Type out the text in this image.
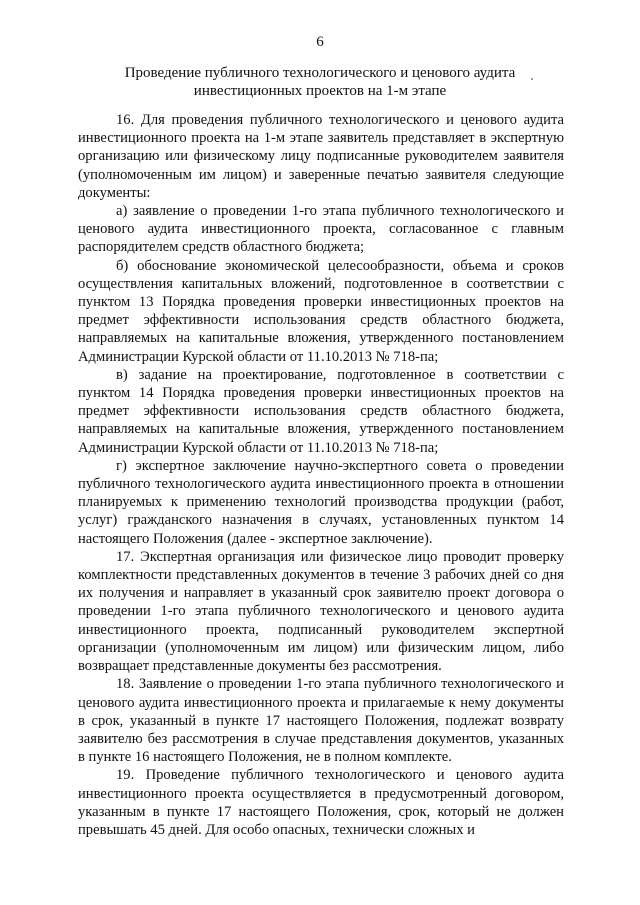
6
Проведение публичного технологического и ценового аудита
инвестиционных проектов на 1-м этапе

16. Для проведения публичного технологического и ценового аудита инвестиционного проекта на 1-м этапе заявитель представляет в экспертную организацию или физическому лицу подписанные руководителем заявителя (уполномоченным им лицом) и заверенные печатью заявителя следующие документы:

а) заявление о проведении 1-го этапа публичного технологического и ценового аудита инвестиционного проекта, согласованное с главным распорядителем средств областного бюджета;

б) обоснование экономической целесообразности, объема и сроков осуществления капитальных вложений, подготовленное в соответствии с пунктом 13 Порядка проведения проверки инвестиционных проектов на предмет эффективности использования средств областного бюджета, направляемых на капитальные вложения, утвержденного постановлением Администрации Курской области от 11.10.2013 № 718-па;

в) задание на проектирование, подготовленное в соответствии с пунктом 14 Порядка проведения проверки инвестиционных проектов на предмет эффективности использования средств областного бюджета, направляемых на капитальные вложения, утвержденного постановлением Администрации Курской области от 11.10.2013 № 718-па;

г) экспертное заключение научно-экспертного совета о проведении публичного технологического аудита инвестиционного проекта в отношении планируемых к применению технологий производства продукции (работ, услуг) гражданского назначения в случаях, установленных пунктом 14 настоящего Положения (далее - экспертное заключение).

17. Экспертная организация или физическое лицо проводит проверку комплектности представленных документов в течение 3 рабочих дней со дня их получения и направляет в указанный срок заявителю проект договора о проведении 1-го этапа публичного технологического и ценового аудита инвестиционного проекта, подписанный руководителем экспертной организации (уполномоченным им лицом) или физическим лицом, либо возвращает представленные документы без рассмотрения.

18. Заявление о проведении 1-го этапа публичного технологического и ценового аудита инвестиционного проекта и прилагаемые к нему документы в срок, указанный в пункте 17 настоящего Положения, подлежат возврату заявителю без рассмотрения в случае представления документов, указанных в пункте 16 настоящего Положения, не в полном комплекте.

19. Проведение публичного технологического и ценового аудита инвестиционного проекта осуществляется в предусмотренный договором, указанным в пункте 17 настоящего Положения, срок, который не должен превышать 45 дней. Для особо опасных, технически сложных и
